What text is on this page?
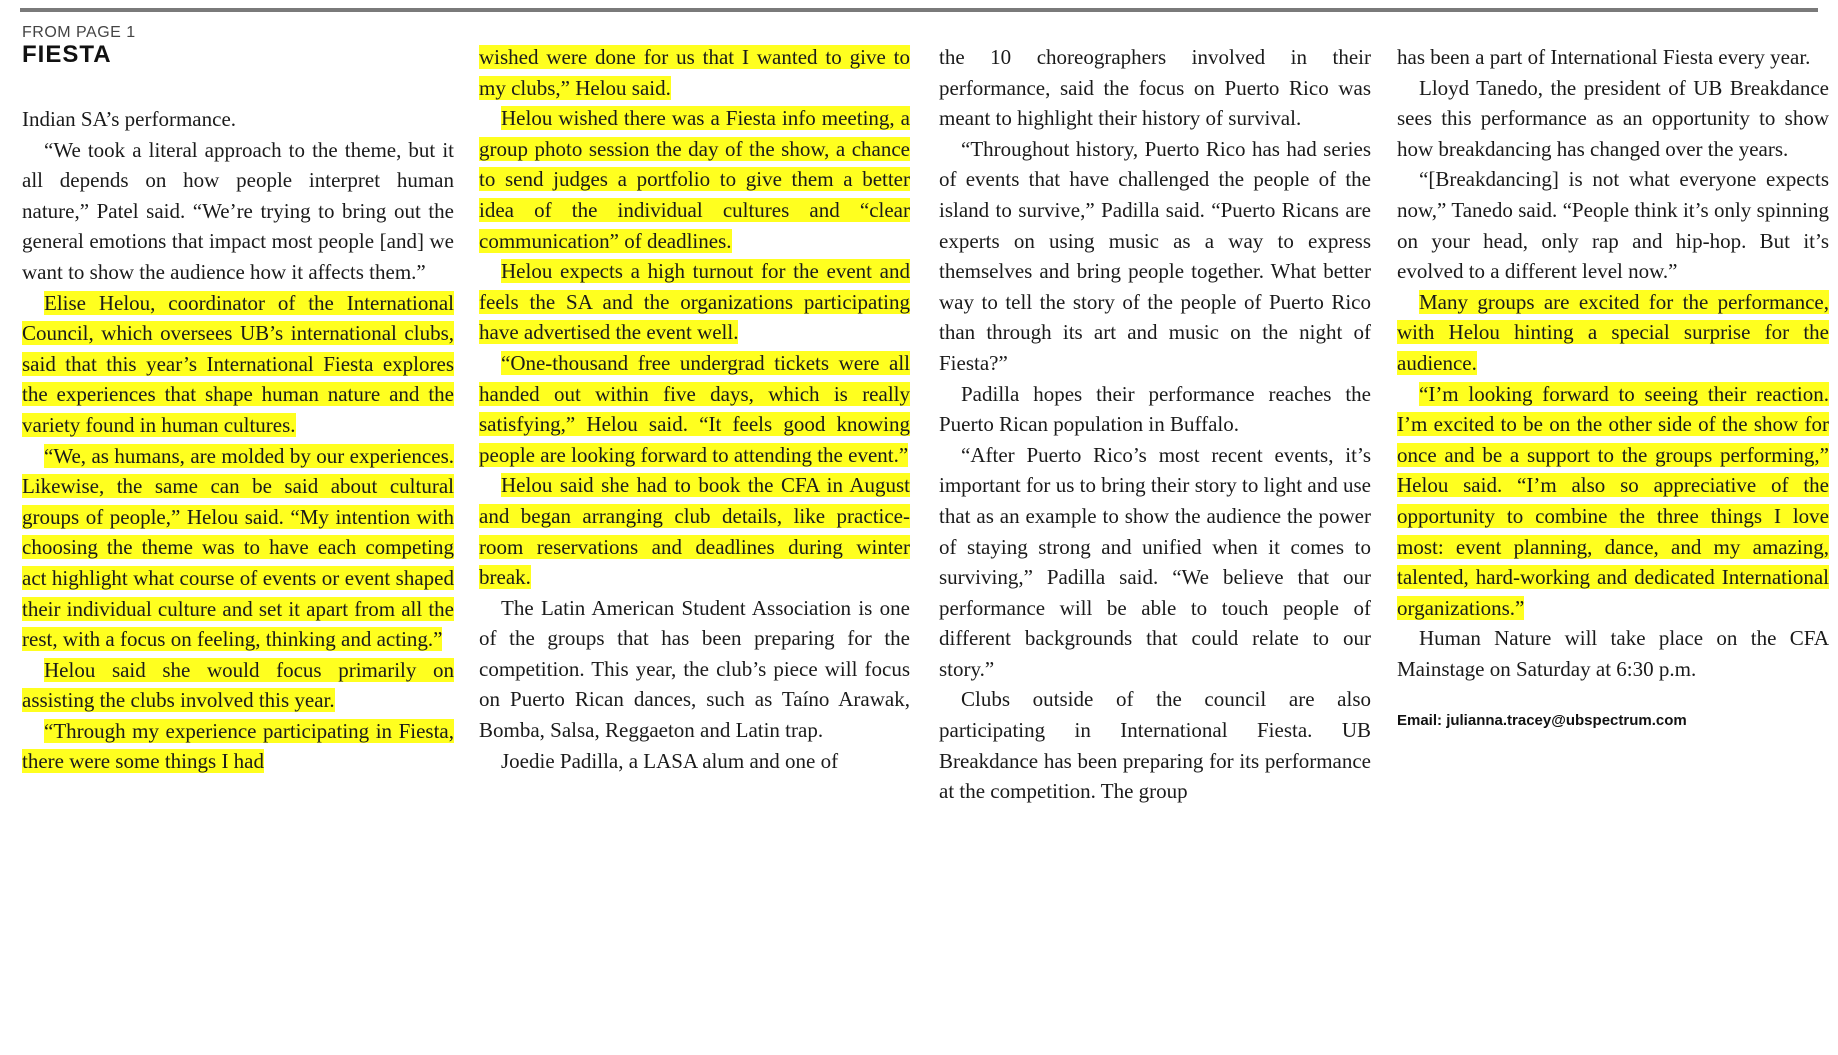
FROM PAGE 1
FIESTA

Indian SA’s performance.

“We took a literal approach to the theme, but it all depends on how people interpret human nature,” Patel said. “We’re trying to bring out the general emotions that impact most people [and] we want to show the audience how it affects them.”

Elise Helou, coordinator of the International Council, which oversees UB’s international clubs, said that this year’s International Fiesta explores the experiences that shape human nature and the variety found in human cultures.

“We, as humans, are molded by our experiences. Likewise, the same can be said about cultural groups of people,” Helou said. “My intention with choosing the theme was to have each competing act highlight what course of events or event shaped their individual culture and set it apart from all the rest, with a focus on feeling, thinking and acting.”

Helou said she would focus primarily on assisting the clubs involved this year.

“Through my experience participating in Fiesta, there were some things I had

wished were done for us that I wanted to give to my clubs,” Helou said.

Helou wished there was a Fiesta info meeting, a group photo session the day of the show, a chance to send judges a portfolio to give them a better idea of the individual cultures and “clear communication” of deadlines.

Helou expects a high turnout for the event and feels the SA and the organizations participating have advertised the event well.

“One-thousand free undergrad tickets were all handed out within five days, which is really satisfying,” Helou said. “It feels good knowing people are looking forward to attending the event.”

Helou said she had to book the CFA in August and began arranging club details, like practice-room reservations and deadlines during winter break.

The Latin American Student Association is one of the groups that has been preparing for the competition. This year, the club’s piece will focus on Puerto Rican dances, such as Taíno Arawak, Bomba, Salsa, Reggaeton and Latin trap.

Joedie Padilla, a LASA alum and one of

the 10 choreographers involved in their performance, said the focus on Puerto Rico was meant to highlight their history of survival.

“Throughout history, Puerto Rico has had series of events that have challenged the people of the island to survive,” Padilla said. “Puerto Ricans are experts on using music as a way to express themselves and bring people together. What better way to tell the story of the people of Puerto Rico than through its art and music on the night of Fiesta?”

Padilla hopes their performance reaches the Puerto Rican population in Buffalo.

“After Puerto Rico’s most recent events, it’s important for us to bring their story to light and use that as an example to show the audience the power of staying strong and unified when it comes to surviving,” Padilla said. “We believe that our performance will be able to touch people of different backgrounds that could relate to our story.”

Clubs outside of the council are also participating in International Fiesta. UB Breakdance has been preparing for its performance at the competition. The group

has been a part of International Fiesta every year.

Lloyd Tanedo, the president of UB Breakdance sees this performance as an opportunity to show how breakdancing has changed over the years.

“[Breakdancing] is not what everyone expects now,” Tanedo said. “People think it’s only spinning on your head, only rap and hip-hop. But it’s evolved to a different level now.”

Many groups are excited for the performance, with Helou hinting a special surprise for the audience.

“I’m looking forward to seeing their reaction. I’m excited to be on the other side of the show for once and be a support to the groups performing,” Helou said. “I’m also so appreciative of the opportunity to combine the three things I love most: event planning, dance, and my amazing, talented, hard-working and dedicated International organizations.”

Human Nature will take place on the CFA Mainstage on Saturday at 6:30 p.m.

Email: julianna.tracey@ubspectrum.com
